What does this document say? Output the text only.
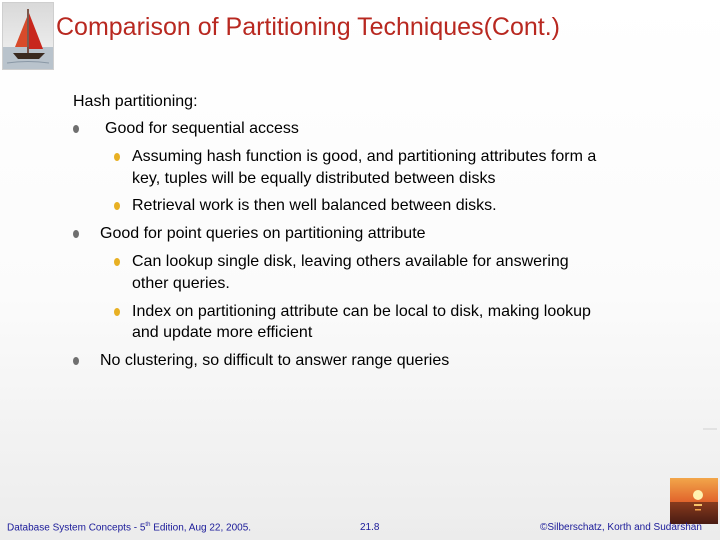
Comparison of Partitioning Techniques(Cont.)
Hash partitioning:
Good for sequential access
Assuming hash function is good, and partitioning attributes form a
key, tuples will be equally distributed between disks
Retrieval work is then well balanced between disks.
Good for point queries on partitioning attribute
Can lookup single disk, leaving others available for answering
other queries.
Index on partitioning attribute can be local to disk, making lookup
and update more efficient
No clustering, so difficult to answer range queries
Database System Concepts - 5th Edition, Aug 22, 2005.	21.8	©Silberschatz, Korth and Sudarshan
